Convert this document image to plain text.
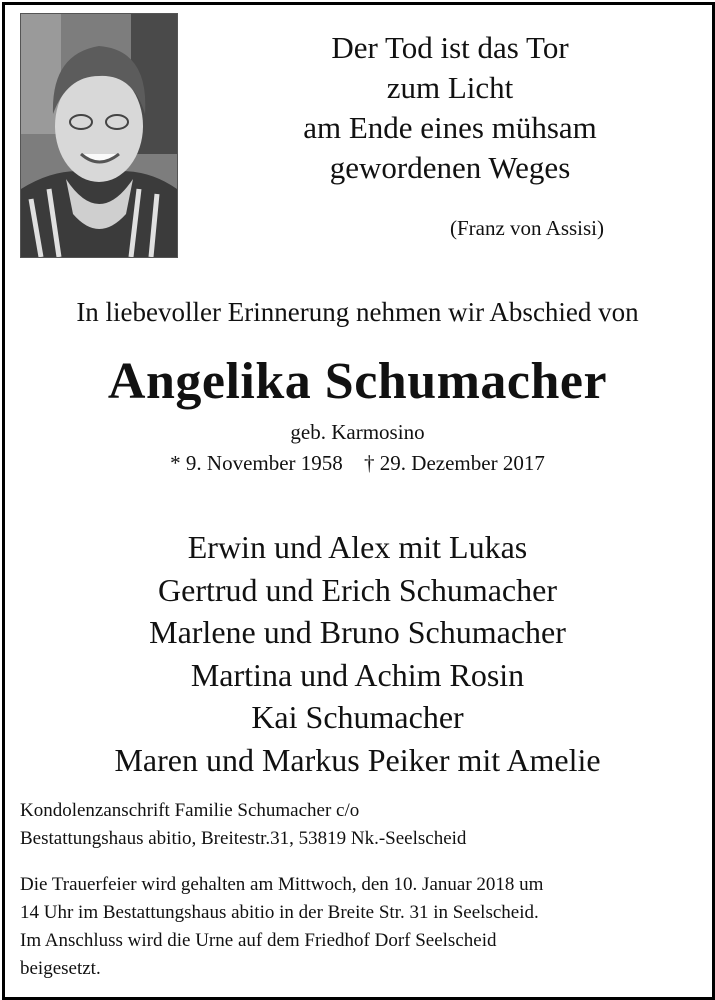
Der Tod ist das Tor
zum Licht
am Ende eines mühsam
gewordenen Weges
(Franz von Assisi)
In liebevoller Erinnerung nehmen wir Abschied von
Angelika Schumacher
geb. Karmosino
* 9. November 1958 † 29. Dezember 2017
Erwin und Alex mit Lukas
Gertrud und Erich Schumacher
Marlene und Bruno Schumacher
Martina und Achim Rosin
Kai Schumacher
Maren und Markus Peiker mit Amelie
Kondolenzanschrift Familie Schumacher c/o
Bestattungshaus abitio, Breitestr.31, 53819 Nk.-Seelscheid
Die Trauerfeier wird gehalten am Mittwoch, den 10. Januar 2018 um
14 Uhr im Bestattungshaus abitio in der Breite Str. 31 in Seelscheid.
Im Anschluss wird die Urne auf dem Friedhof Dorf Seelscheid
beigesetzt.
